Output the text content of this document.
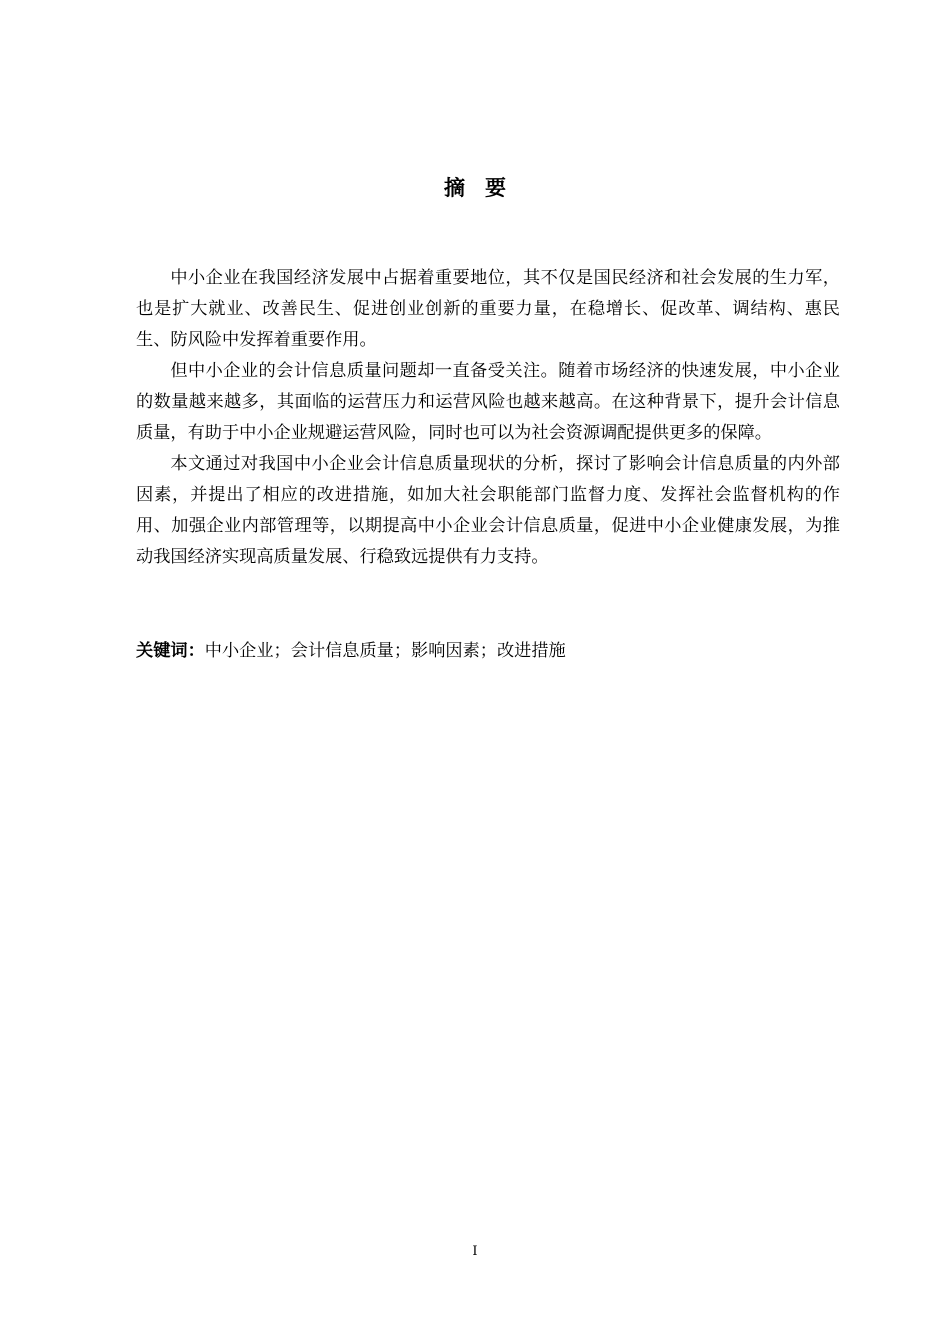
摘要

中小企业在我国经济发展中占据着重要地位，其不仅是国民经济和社会发展的生力军，也是扩大就业、改善民生、促进创业创新的重要力量，在稳增长、促改革、调结构、惠民生、防风险中发挥着重要作用。

但中小企业的会计信息质量问题却一直备受关注。随着市场经济的快速发展，中小企业的数量越来越多，其面临的运营压力和运营风险也越来越高。在这种背景下，提升会计信息质量，有助于中小企业规避运营风险，同时也可以为社会资源调配提供更多的保障。

本文通过对我国中小企业会计信息质量现状的分析，探讨了影响会计信息质量的内外部因素，并提出了相应的改进措施，如加大社会职能部门监督力度、发挥社会监督机构的作用、加强企业内部管理等，以期提高中小企业会计信息质量，促进中小企业健康发展，为推动我国经济实现高质量发展、行稳致远提供有力支持。

关键词：中小企业；会计信息质量；影响因素；改进措施
I
